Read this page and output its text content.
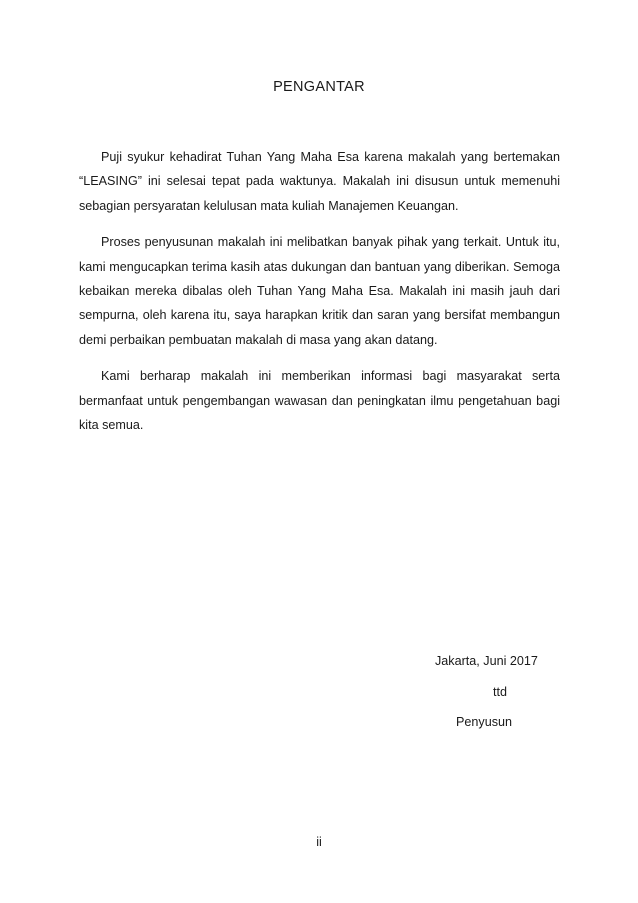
PENGANTAR

Puji syukur kehadirat Tuhan Yang Maha Esa karena makalah yang bertemakan “LEASING” ini selesai tepat pada waktunya. Makalah ini disusun untuk memenuhi sebagian persyaratan kelulusan mata kuliah Manajemen Keuangan.

Proses penyusunan makalah ini melibatkan banyak pihak yang terkait. Untuk itu, kami mengucapkan terima kasih atas dukungan dan bantuan yang diberikan. Semoga kebaikan mereka dibalas oleh Tuhan Yang Maha Esa. Makalah ini masih jauh dari sempurna, oleh karena itu, saya harapkan kritik dan saran yang bersifat membangun demi perbaikan pembuatan makalah di masa yang akan datang.

Kami berharap makalah ini memberikan informasi bagi masyarakat serta bermanfaat untuk pengembangan wawasan dan peningkatan ilmu pengetahuan bagi kita semua.

Jakarta, Juni 2017
ttd
Penyusun
ii
